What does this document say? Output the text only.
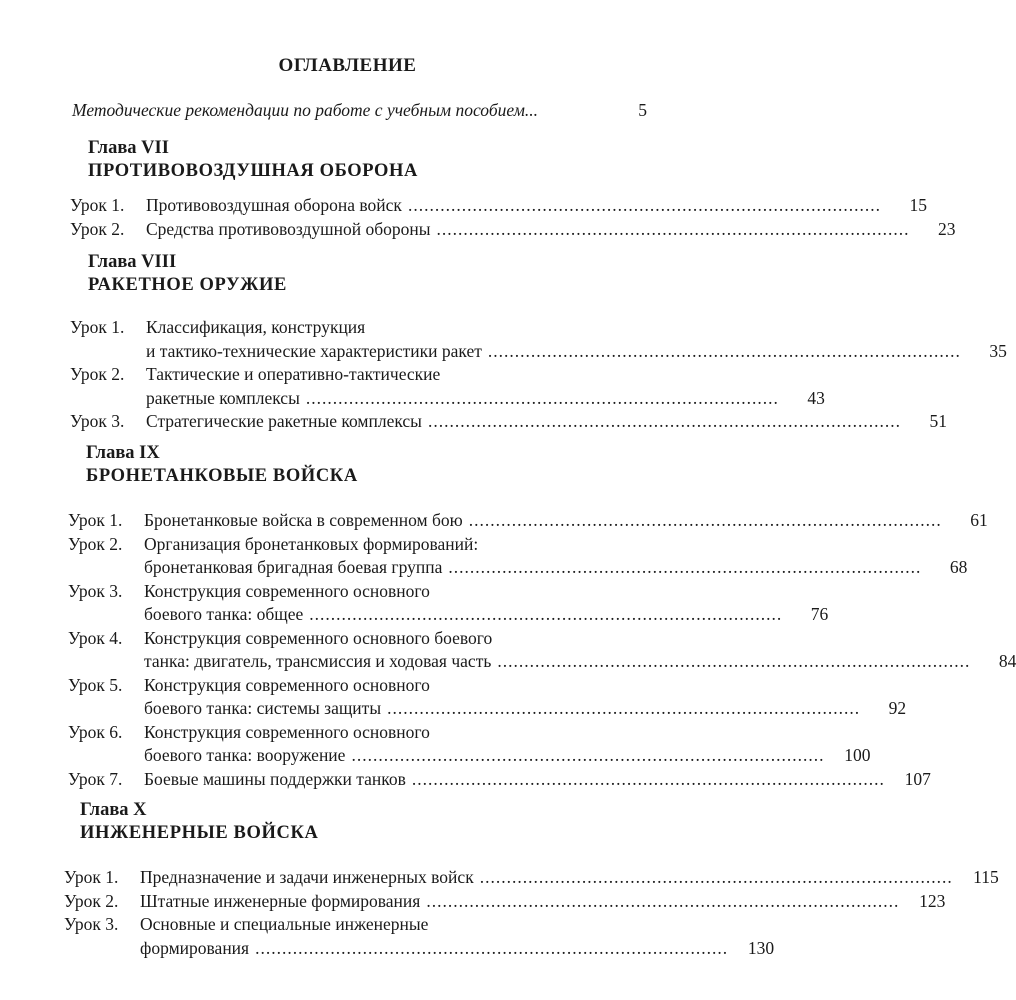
ОГЛАВЛЕНИЕ
Методические рекомендации по работе с учебным пособием...	5
Глава VII
ПРОТИВОВОЗДУШНАЯ ОБОРОНА
Урок 1.	Противовоздушная оборона войск ........................................................................................	15
Урок 2.	Средства противовоздушной обороны ........................................................................................	23
Глава VIII
РАКЕТНОЕ ОРУЖИЕ
Урок 1.	Классификация, конструкция
и тактико-технические характеристики ракет ........................................................................................	35
Урок 2.	Тактические и оперативно-тактические
ракетные комплексы ........................................................................................	43
Урок 3.	Стратегические ракетные комплексы ........................................................................................	51
Глава IX
БРОНЕТАНКОВЫЕ ВОЙСКА
Урок 1.	Бронетанковые войска в современном бою ........................................................................................	61
Урок 2.	Организация бронетанковых формирований:
бронетанковая бригадная боевая группа ........................................................................................	68
Урок 3.	Конструкция современного основного
боевого танка: общее ........................................................................................	76
Урок 4.	Конструкция современного основного боевого
танка: двигатель, трансмиссия и ходовая часть ........................................................................................	84
Урок 5.	Конструкция современного основного
боевого танка: системы защиты ........................................................................................	92
Урок 6.	Конструкция современного основного
боевого танка: вооружение ........................................................................................	100
Урок 7.	Боевые машины поддержки танков ........................................................................................	107
Глава X
ИНЖЕНЕРНЫЕ ВОЙСКА
Урок 1.	Предназначение и задачи инженерных войск ........................................................................................	115
Урок 2.	Штатные инженерные формирования ........................................................................................	123
Урок 3.	Основные и специальные инженерные
формирования ........................................................................................	130
